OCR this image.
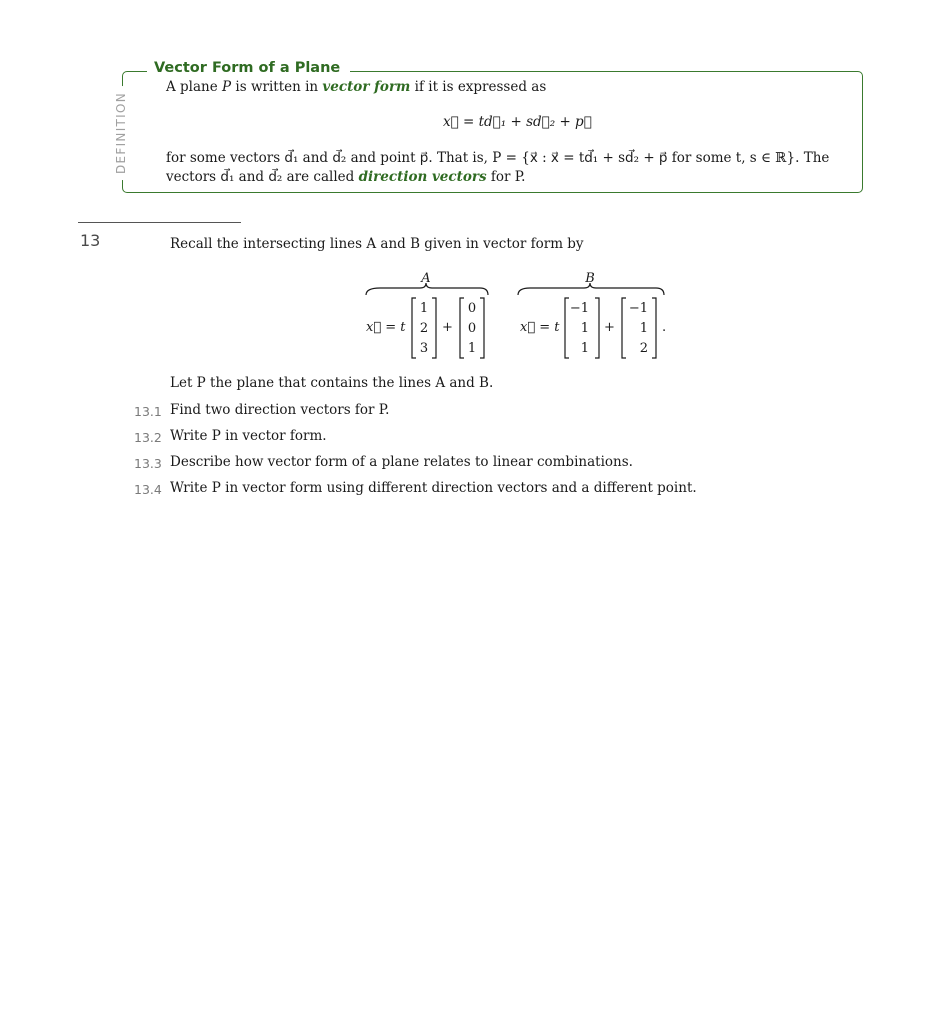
Vector Form of a Plane
DEFINITION
A plane P is written in vector form if it is expressed as
x⃗ = td⃗₁ + sd⃗₂ + p⃗
for some vectors d⃗₁ and d⃗₂ and point p⃗. That is, P = {x⃗ : x⃗ = td⃗₁ + sd⃗₂ + p⃗ for some t, s ∈ ℝ}. The
vectors d⃗₁ and d⃗₂ are called direction vectors for P.
13	Recall the intersecting lines A and B given in vector form by
A
x⃗ = t
1
2
3
+
0
0
1
B
x⃗ = t
−1
1
1
+
−1
1
2
.
Let P the plane that contains the lines A and B.
13.1 Find two direction vectors for P.
13.2 Write P in vector form.
13.3 Describe how vector form of a plane relates to linear combinations.
13.4 Write P in vector form using different direction vectors and a different point.
